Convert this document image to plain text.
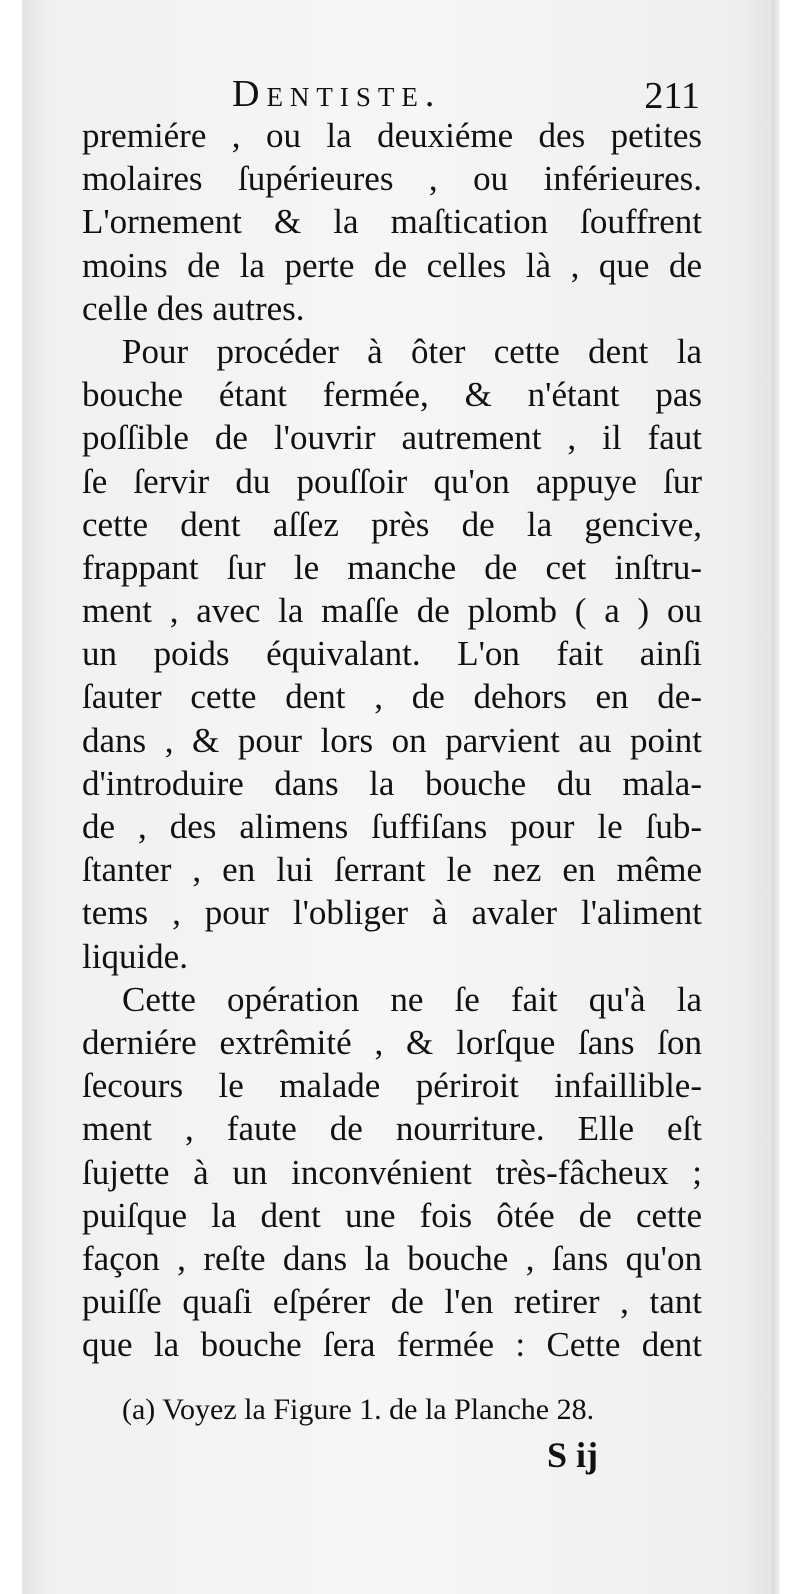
Dentiste.	211
premiére , ou la deuxiéme des petites
molaires ſupérieures , ou inférieures.
L'ornement & la maſtication ſouffrent
moins de la perte de celles là , que de
celle des autres.
Pour procéder à ôter cette dent la
bouche étant fermée, & n'étant pas
poſſible de l'ouvrir autrement , il faut
ſe ſervir du pouſſoir qu'on appuye ſur
cette dent aſſez près de la gencive,
frappant ſur le manche de cet inſtru-
ment , avec la maſſe de plomb ( a ) ou
un poids équivalant. L'on fait ainſi
ſauter cette dent , de dehors en de-
dans , & pour lors on parvient au point
d'introduire dans la bouche du mala-
de , des alimens ſuffiſans pour le ſub-
ſtanter , en lui ſerrant le nez en même
tems , pour l'obliger à avaler l'aliment
liquide.
Cette opération ne ſe fait qu'à la
derniére extrêmité , & lorſque ſans ſon
ſecours le malade périroit infaillible-
ment , faute de nourriture. Elle eſt
ſujette à un inconvénient très-fâcheux ;
puiſque la dent une fois ôtée de cette
façon , reſte dans la bouche , ſans qu'on
puiſſe quaſi eſpérer de l'en retirer , tant
que la bouche ſera fermée : Cette dent
(a) Voyez la Figure 1. de la Planche 28.
S ij
